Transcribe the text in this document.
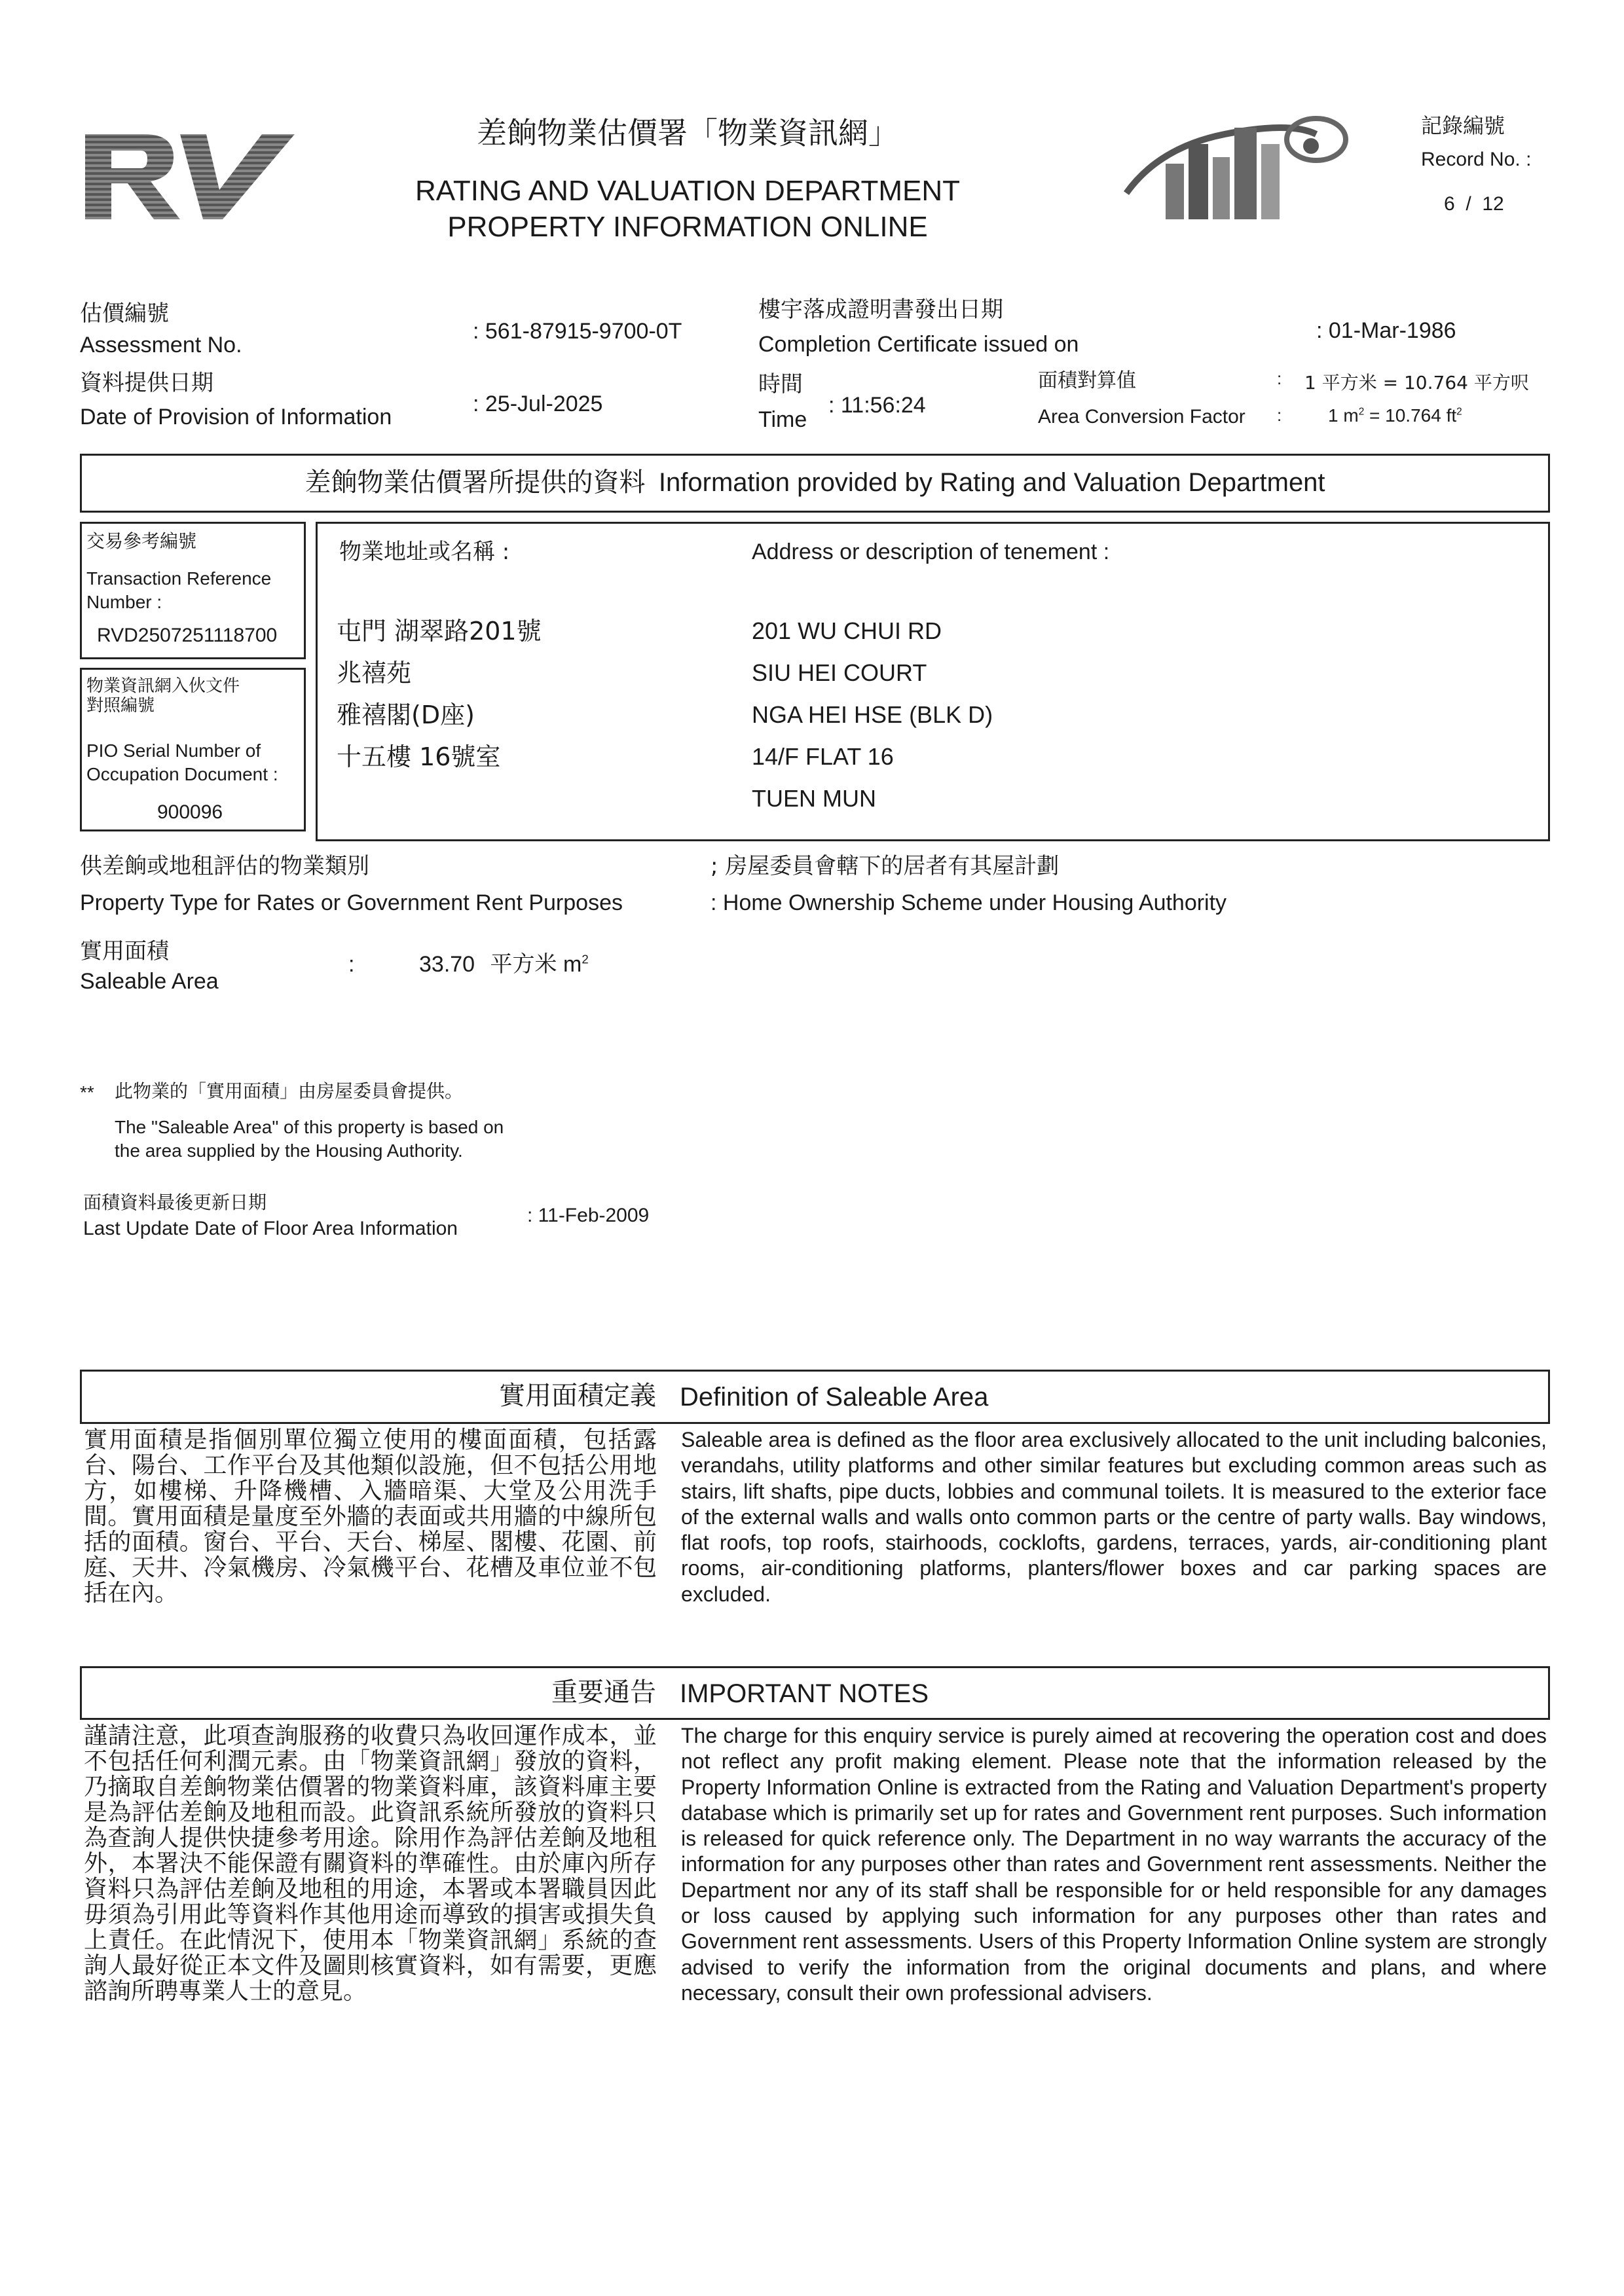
RV	差餉物業估價署「物業資訊網」
RATING AND VALUATION DEPARTMENT
PROPERTY INFORMATION ONLINE
記錄編號
Record No. :
6  /  12
估價編號
Assessment No.
: 561-87915-9700-0T
樓宇落成證明書發出日期
Completion Certificate issued on
: 01-Mar-1986
資料提供日期
Date of Provision of Information
: 25-Jul-2025
時間
Time
: 11:56:24
面積對算值
Area Conversion Factor
:
:
1 平方米 = 10.764 平方呎
1 $m^2 = 10.764$ $ft^2$
差餉物業估價署所提供的資料 Information provided by Rating and Valuation Department
交易參考編號
Transaction Reference
Number :
RVD2507251118700
物業資訊網入伙文件
對照編號
PIO Serial Number of
Occupation Document :
900096
物業地址或名稱 :	Address or description of tenement :
屯門 湖翠路201號
兆禧苑
雅禧閣(D座)
十五樓 16號室
201 WU CHUI RD
SIU HEI COURT
NGA HEI HSE (BLK D)
14/F FLAT 16
TUEN MUN
供差餉或地租評估的物業類別
Property Type for Rates or Government Rent Purposes
; 房屋委員會轄下的居者有其屋計劃
: Home Ownership Scheme under Housing Authority
實用面積
Saleable Area
:	33.70 平方米 $m^2$
** 此物業的「實用面積」由房屋委員會提供。
The "Saleable Area" of this property is based on
the area supplied by the Housing Authority.
面積資料最後更新日期
Last Update Date of Floor Area Information
: 11-Feb-2009
實用面積定義 Definition of Saleable Area
實用面積是指個別單位獨立使用的樓面面積，包括露台、陽台、工作平台及其他類似設施，但不包括公用地方，如樓梯、升降機槽、入牆暗渠、大堂及公用洗手間。實用面積是量度至外牆的表面或共用牆的中線所包括的面積。窗台、平台、天台、梯屋、閣樓、花園、前庭、天井、冷氣機房、冷氣機平台、花槽及車位並不包括在內。
Saleable area is defined as the floor area exclusively allocated to the unit including balconies, verandahs, utility platforms and other similar features but excluding common areas such as stairs, lift shafts, pipe ducts, lobbies and communal toilets. It is measured to the exterior face of the external walls and walls onto common parts or the centre of party walls. Bay windows, flat roofs, top roofs, stairhoods, cocklofts, gardens, terraces, yards, air-conditioning plant rooms, air-conditioning platforms, planters/flower boxes and car parking spaces are excluded.
重要通告 IMPORTANT NOTES
謹請注意，此項查詢服務的收費只為收回運作成本，並不包括任何利潤元素。由「物業資訊網」發放的資料，乃摘取自差餉物業估價署的物業資料庫，該資料庫主要是為評估差餉及地租而設。此資訊系統所發放的資料只為查詢人提供快捷參考用途。除用作為評估差餉及地租外，本署決不能保證有關資料的準確性。由於庫內所存資料只為評估差餉及地租的用途，本署或本署職員因此毋須為引用此等資料作其他用途而導致的損害或損失負上責任。在此情況下，使用本「物業資訊網」系統的查詢人最好從正本文件及圖則核實資料，如有需要，更應諮詢所聘專業人士的意見。
The charge for this enquiry service is purely aimed at recovering the operation cost and does not reflect any profit making element. Please note that the information released by the Property Information Online is extracted from the Rating and Valuation Department's property database which is primarily set up for rates and Government rent purposes. Such information is released for quick reference only. The Department in no way warrants the accuracy of the information for any purposes other than rates and Government rent assessments. Neither the Department nor any of its staff shall be responsible for or held responsible for any damages or loss caused by applying such information for any purposes other than rates and Government rent assessments. Users of this Property Information Online system are strongly advised to verify the information from the original documents and plans, and where necessary, consult their own professional advisers.
